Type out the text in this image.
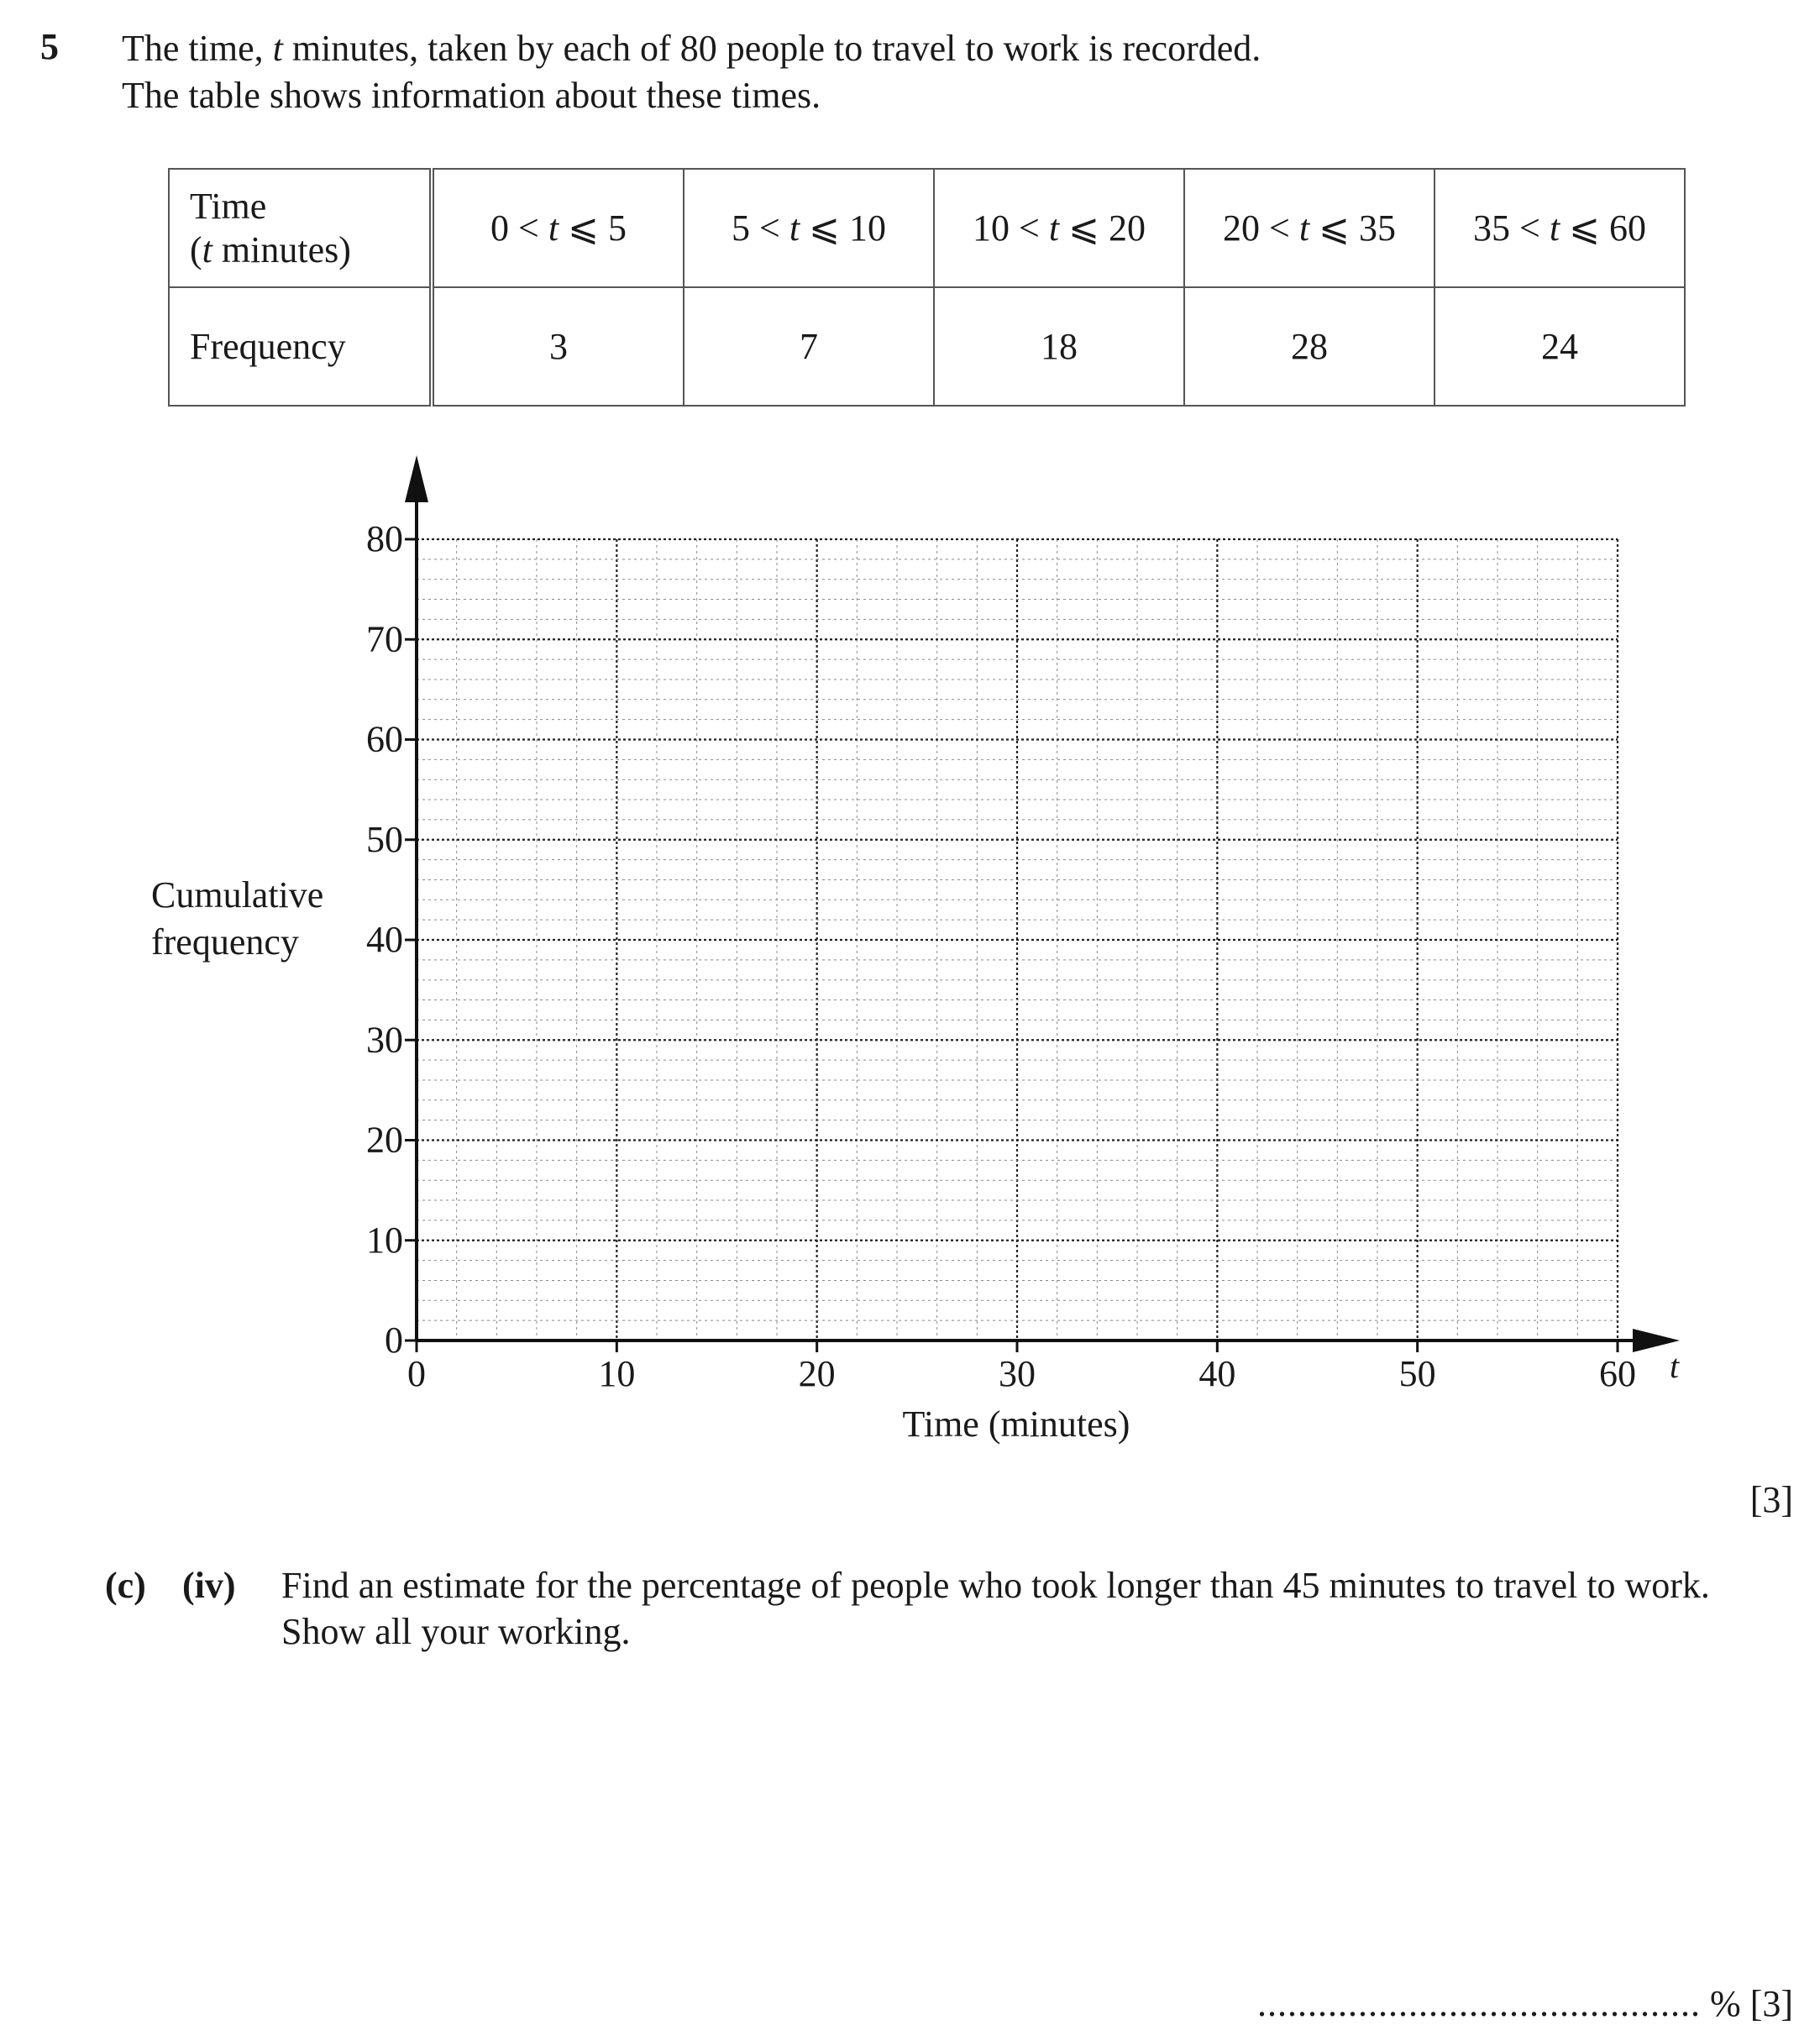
5 The time, t minutes, taken by each of 80 people to travel to work is recorded.
The table shows information about these times.
Time
(t minutes)	0 < t ⩽ 5	5 < t ⩽ 10	10 < t ⩽ 20	20 < t ⩽ 35	35 < t ⩽ 60
Frequency	3	7	18	28	24
0
10
20
30
40
50
60
70
80
0	10	20	30	40	50	60
Cumulative
frequency
Time (minutes)
t
[3]
(c) (iv) Find an estimate for the percentage of people who took longer than 45 minutes to travel to work.
Show all your working.
............................................ % [3]
